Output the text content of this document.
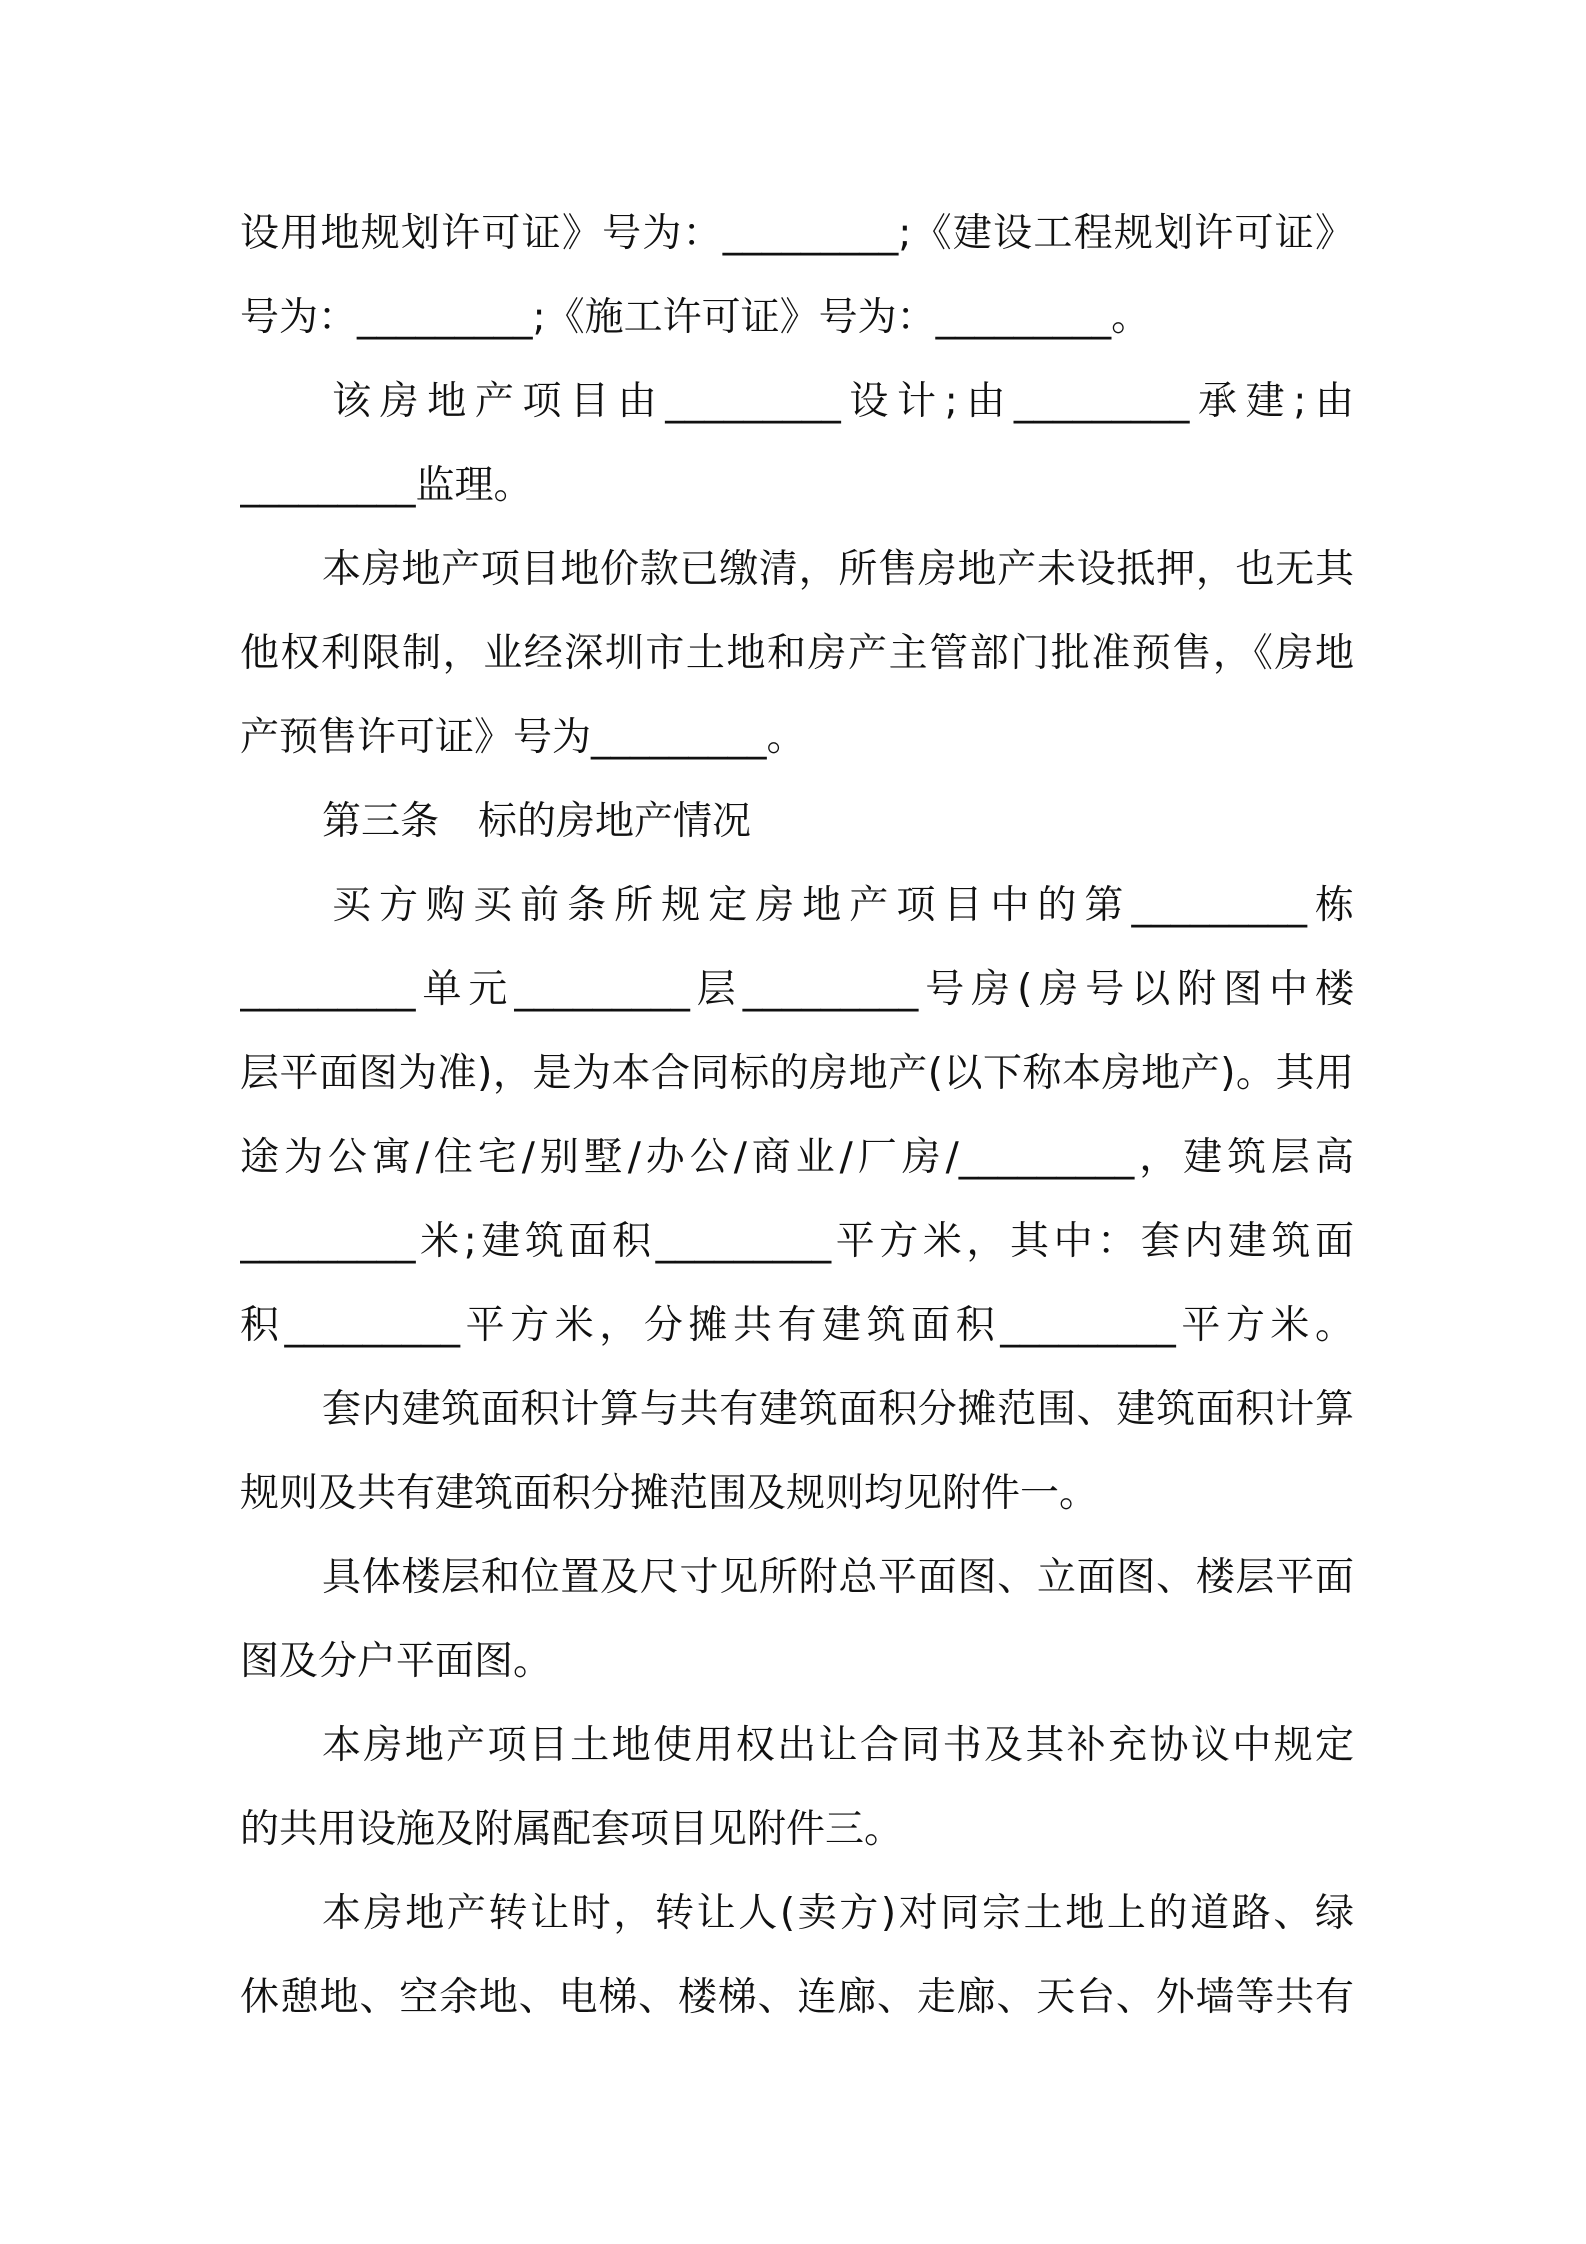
设用地规划许可证》号为：_________;《建设工程规划许可证》
号为：_________;《施工许可证》号为：_________。
该房地产项目由_________设计;由_________承建;由
_________监理。
本房地产项目地价款已缴清，所售房地产未设抵押，也无其
他权利限制，业经深圳市土地和房产主管部门批准预售，《房地
产预售许可证》号为_________。
第三条　标的房地产情况
买方购买前条所规定房地产项目中的第_________栋
_________单元_________层_________号房(房号以附图中楼
层平面图为准)，是为本合同标的房地产(以下称本房地产)。其用
途为公寓/住宅/别墅/办公/商业/厂房/_________，建筑层高
_________米;建筑面积_________平方米，其中：套内建筑面
积_________平方米，分摊共有建筑面积_________平方米。
套内建筑面积计算与共有建筑面积分摊范围、建筑面积计算
规则及共有建筑面积分摊范围及规则均见附件一。
具体楼层和位置及尺寸见所附总平面图、立面图、楼层平面
图及分户平面图。
本房地产项目土地使用权出让合同书及其补充协议中规定
的共用设施及附属配套项目见附件三。
本房地产转让时，转让人(卖方)对同宗土地上的道路、绿
休憩地、空余地、电梯、楼梯、连廊、走廊、天台、外墙等共有
